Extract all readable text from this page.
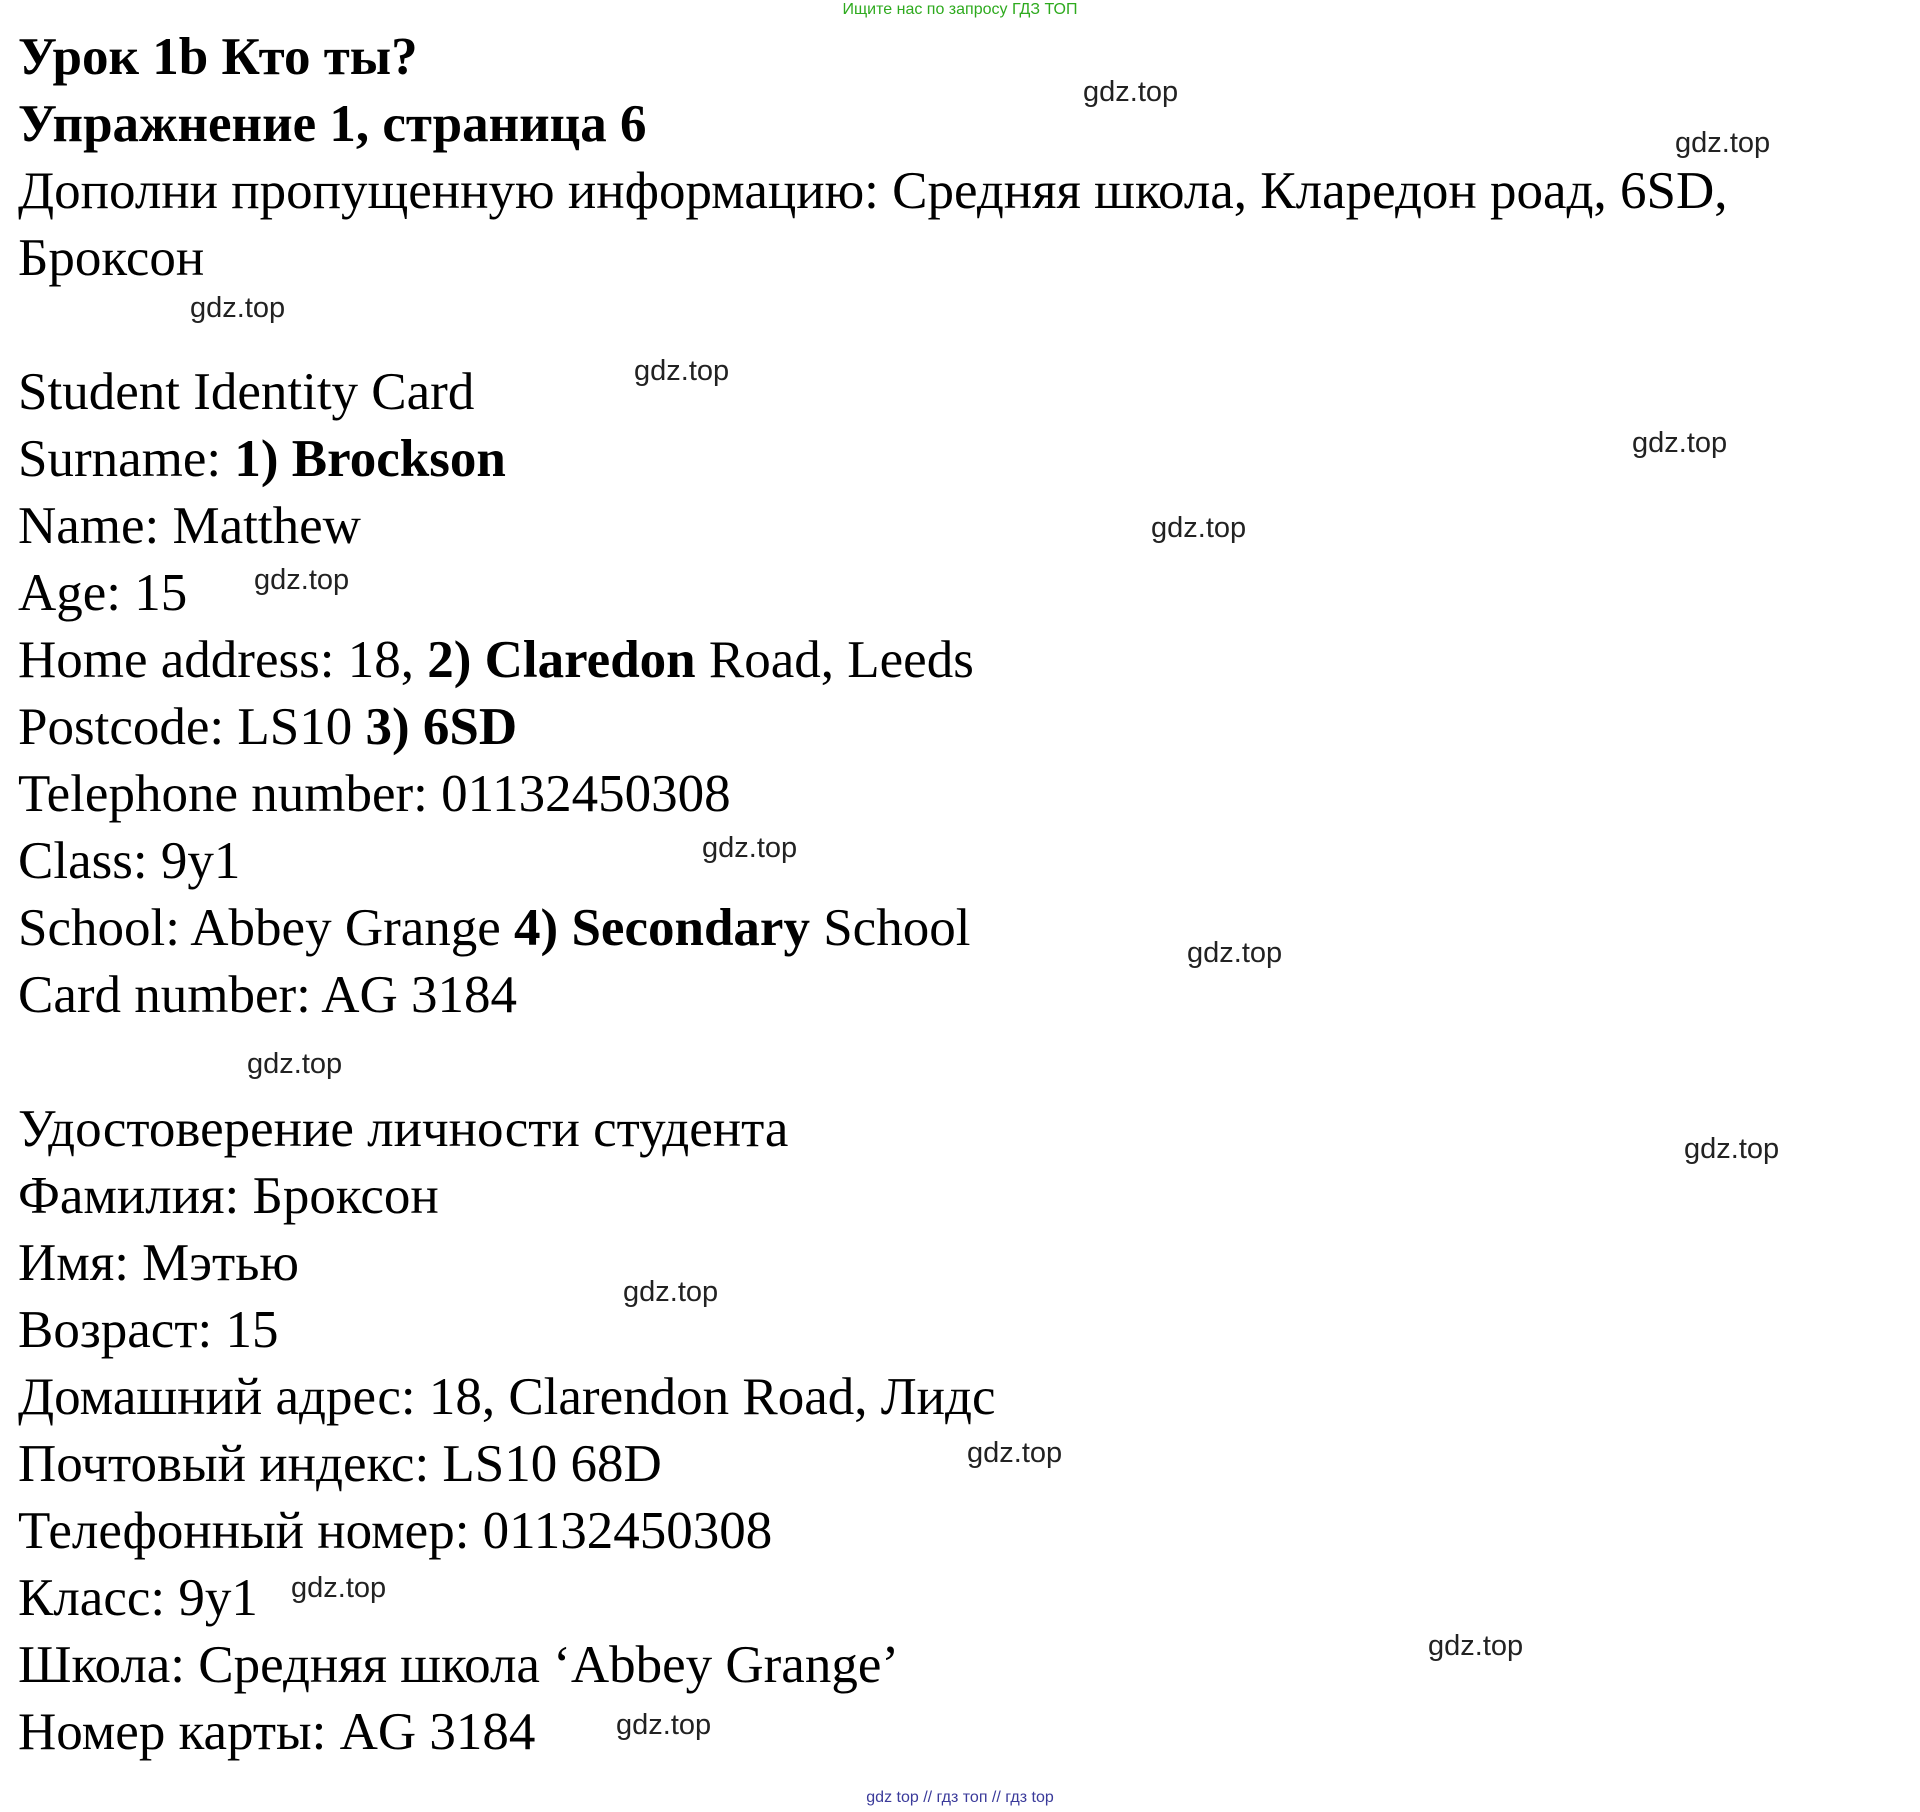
Ищите нас по запросу ГДЗ ТОП
Урок 1b Кто ты?
Упражнение 1, страница 6
Дополни пропущенную информацию: Средняя школа, Кларедон роад, 6SD, Броксон
Student Identity Card
Surname: 1) Brockson
Name: Matthew
Age: 15
Home address: 18, 2) Claredon Road, Leeds
Postcode: LS10 3) 6SD
Telephone number: 01132450308
Class: 9y1
School: Abbey Grange 4) Secondary School
Card number: AG 3184
Удостоверение личности студента
Фамилия: Броксон
Имя: Мэтью
Возраст: 15
Домашний адрес: 18, Clarendon Road, Лидс
Почтовый индекс: LS10 68D
Телефонный номер: 01132450308
Класс: 9y1
Школа: Средняя школа ‘Abbey Grange’
Номер карты: AG 3184
gdz.top
gdz.top
gdz.top
gdz.top
gdz.top
gdz.top
gdz.top
gdz.top
gdz.top
gdz.top
gdz.top
gdz.top
gdz.top
gdz.top
gdz.top
gdz.top
gdz top // гдз топ // гдз top
